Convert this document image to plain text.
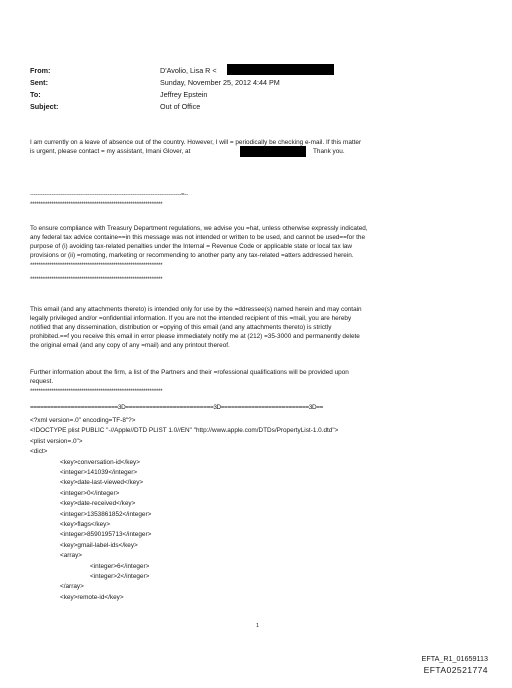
From:	D'Avolio, Lisa R <
Sent:	Sunday, November 25, 2012 4:44 PM
To:	Jeffrey Epstein
Subject:	Out of Office
I am currently on a leave of absence out of the country. However, I will = periodically be checking e-mail. If this matter
is urgent, please contact = my assistant, Imani Glover, at	Thank you.
------------------------------------------------------------------------------------=--
**************************************************************
To ensure compliance with Treasury Department regulations, we advise you =hat, unless otherwise expressly indicated,
any federal tax advice containe==in this message was not intended or written to be used, and cannot be used==for the
purpose of (i) avoiding tax-related penalties under the Internal = Revenue Code or applicable state or local tax law
provisions or (ii) =romoting, marketing or recommending to another party any tax-related =atters addressed herein.
**************************************************************
**************************************************************
This email (and any attachments thereto) is intended only for use by the =ddressee(s) named herein and may contain
legally privileged and/or =onfidential information. If you are not the intended recipient of this =mail, you are hereby
notified that any dissemination, distribution or =opying of this email (and any attachments thereto) is strictly
prohibited.==f you receive this email in error please immediately notify me at (212) =35-3000 and permanently delete
the original email (and any copy of any =mail) and any printout thereof.
Further information about the firm, a list of the Partners and their =rofessional qualifications will be provided upon
request.
**************************************************************
==========================3D==========================3D==========================3D==
<?xml version=.0" encoding=TF-8"?>
<!DOCTYPE plist PUBLIC "-//Apple//DTD PLIST 1.0//EN" "http://www.apple.com/DTDs/PropertyList-1.0.dtd">
<plist version=.0">
<dict>
<key>conversation-id</key>
<integer>141039</integer>
<key>date-last-viewed</key>
<integer>0</integer>
<key>date-received</key>
<integer>1353861852</integer>
<key>flags</key>
<integer>8590195713</integer>
<key>gmail-label-ids</key>
<array>
<integer>6</integer>
<integer>2</integer>
</array>
<key>remote-id</key>
1
EFTA_R1_01659113
EFTA02521774
